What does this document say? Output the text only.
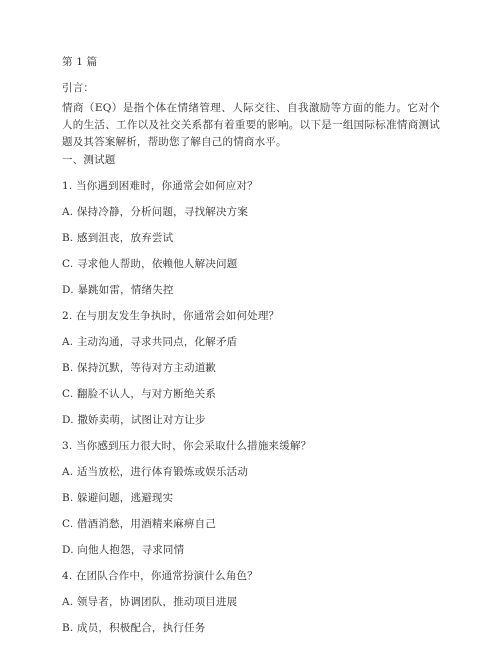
第 1 篇
引言：
情商（EQ）是指个体在情绪管理、人际交往、自我激励等方面的能力。它对个人的生活、工作以及社交关系都有着重要的影响。以下是一组国际标准情商测试题及其答案解析，帮助您了解自己的情商水平。
一、测试题
1. 当你遇到困难时，你通常会如何应对？
A. 保持冷静，分析问题，寻找解决方案
B. 感到沮丧，放弃尝试
C. 寻求他人帮助，依赖他人解决问题
D. 暴跳如雷，情绪失控
2. 在与朋友发生争执时，你通常会如何处理？
A. 主动沟通，寻求共同点，化解矛盾
B. 保持沉默，等待对方主动道歉
C. 翻脸不认人，与对方断绝关系
D. 撒娇卖萌，试图让对方让步
3. 当你感到压力很大时，你会采取什么措施来缓解？
A. 适当放松，进行体育锻炼或娱乐活动
B. 躲避问题，逃避现实
C. 借酒消愁，用酒精来麻痹自己
D. 向他人抱怨，寻求同情
4. 在团队合作中，你通常扮演什么角色？
A. 领导者，协调团队，推动项目进展
B. 成员，积极配合，执行任务
